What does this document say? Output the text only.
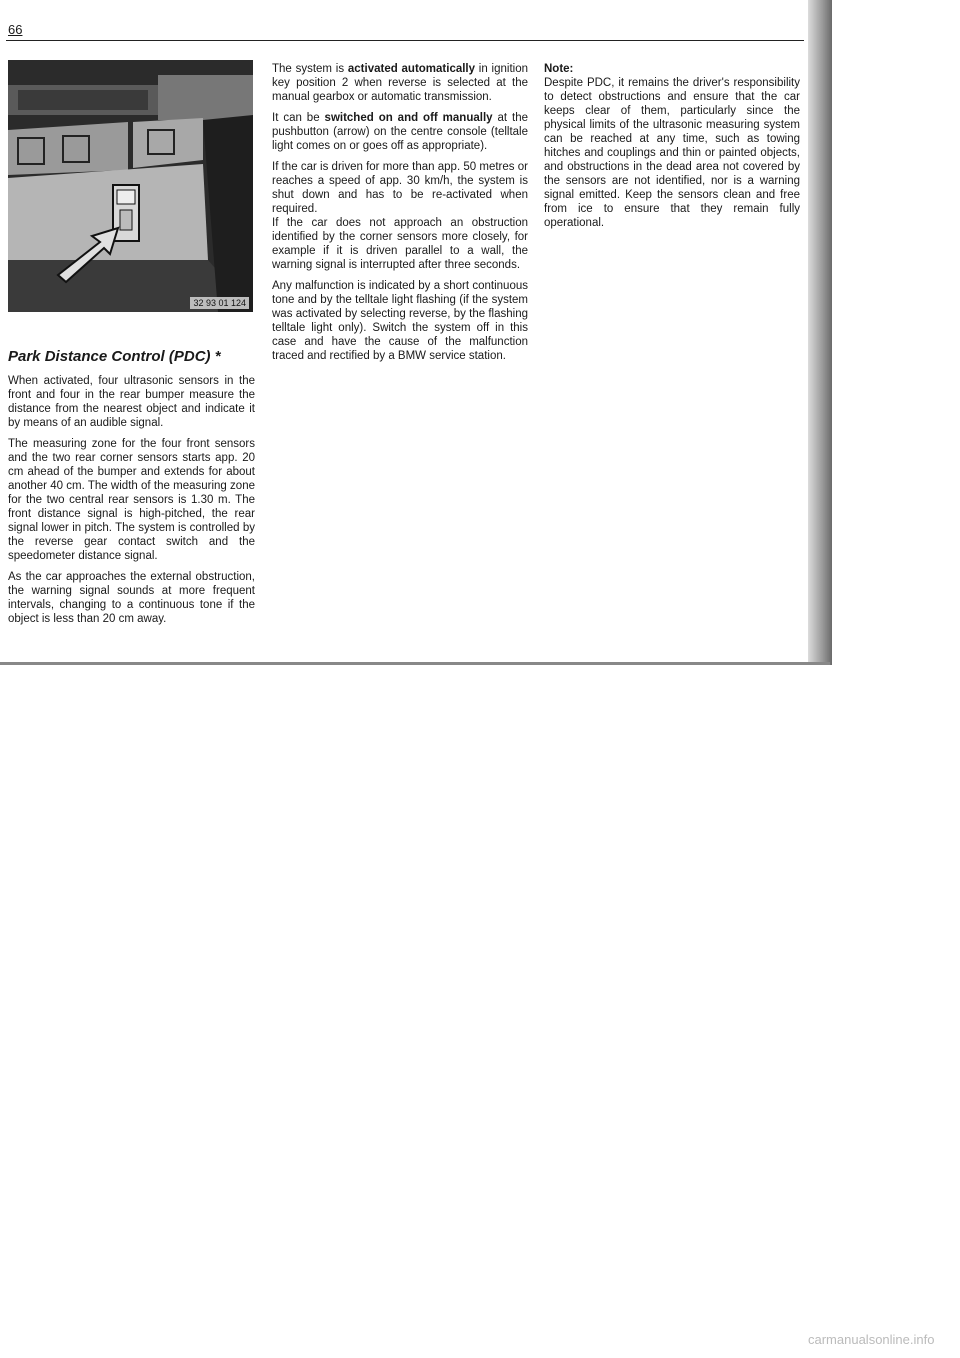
66
32 93 01 124

Park Distance Control (PDC) *

When activated, four ultrasonic sensors in the front and four in the rear bumper measure the distance from the nearest object and indicate it by means of an audible signal.

The measuring zone for the four front sensors and the two rear corner sensors starts app. 20 cm ahead of the bumper and extends for about another 40 cm. The width of the measuring zone for the two central rear sensors is 1.30 m. The front distance signal is high-pitched, the rear signal lower in pitch. The system is controlled by the reverse gear contact switch and the speedometer distance signal.

As the car approaches the external obstruction, the warning signal sounds at more frequent intervals, changing to a continuous tone if the object is less than 20 cm away.

The system is activated automatically in ignition key position 2 when reverse is selected at the manual gearbox or automatic transmission.

It can be switched on and off manually at the pushbutton (arrow) on the centre console (telltale light comes on or goes off as appropriate).

If the car is driven for more than app. 50 metres or reaches a speed of app. 30 km/h, the system is shut down and has to be re-activated when required.

If the car does not approach an obstruction identified by the corner sensors more closely, for example if it is driven parallel to a wall, the warning signal is interrupted after three seconds.

Any malfunction is indicated by a short continuous tone and by the telltale light flashing (if the system was activated by selecting reverse, by the flashing telltale light only). Switch the system off in this case and have the cause of the malfunction traced and rectified by a BMW service station.

Note:
Despite PDC, it remains the driver's responsibility to detect obstructions and ensure that the car keeps clear of them, particularly since the physical limits of the ultrasonic measuring system can be reached at any time, such as towing hitches and couplings and thin or painted objects, and obstructions in the dead area not covered by the sensors are not identified, nor is a warning signal emitted. Keep the sensors clean and free from ice to ensure that they remain fully operational.

carmanualsonline.info
